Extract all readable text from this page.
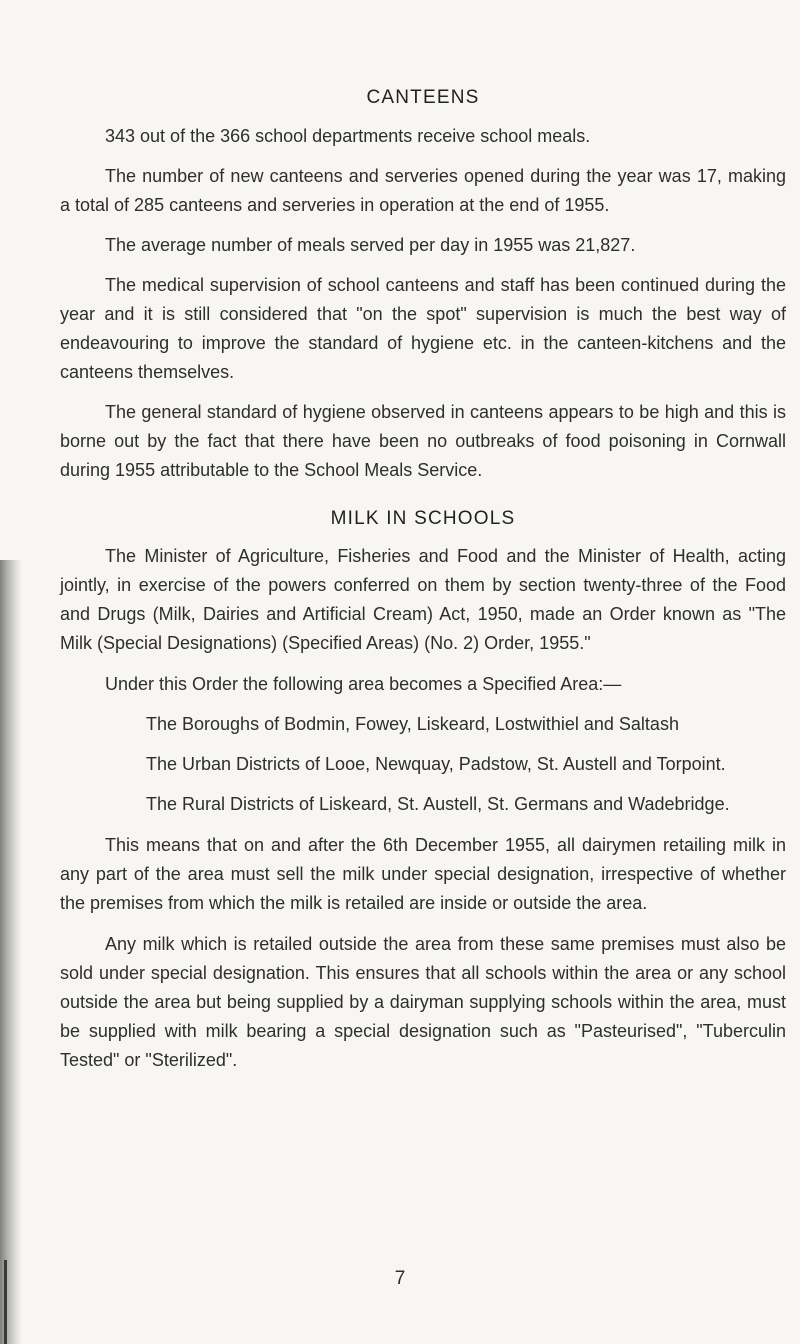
CANTEENS

343 out of the 366 school departments receive school meals.

The number of new canteens and serveries opened during the year was 17, making a total of 285 canteens and serveries in operation at the end of 1955.

The average number of meals served per day in 1955 was 21,827.

The medical supervision of school canteens and staff has been continued during the year and it is still considered that "on the spot" supervision is much the best way of endeavouring to improve the standard of hygiene etc. in the canteen-kitchens and the canteens themselves.

The general standard of hygiene observed in canteens appears to be high and this is borne out by the fact that there have been no outbreaks of food poisoning in Cornwall during 1955 attributable to the School Meals Service.

MILK IN SCHOOLS

The Minister of Agriculture, Fisheries and Food and the Minister of Health, acting jointly, in exercise of the powers conferred on them by section twenty-three of the Food and Drugs (Milk, Dairies and Artificial Cream) Act, 1950, made an Order known as "The Milk (Special Designations) (Specified Areas) (No. 2) Order, 1955."

Under this Order the following area becomes a Specified Area:—

The Boroughs of Bodmin, Fowey, Liskeard, Lostwithiel and Saltash

The Urban Districts of Looe, Newquay, Padstow, St. Austell and Torpoint.

The Rural Districts of Liskeard, St. Austell, St. Germans and Wadebridge.

This means that on and after the 6th December 1955, all dairymen retailing milk in any part of the area must sell the milk under special designation, irrespective of whether the premises from which the milk is retailed are inside or outside the area.

Any milk which is retailed outside the area from these same premises must also be sold under special designation. This ensures that all schools within the area or any school outside the area but being supplied by a dairyman supplying schools within the area, must be supplied with milk bearing a special designation such as "Pasteurised", "Tuberculin Tested" or "Sterilized".

7
